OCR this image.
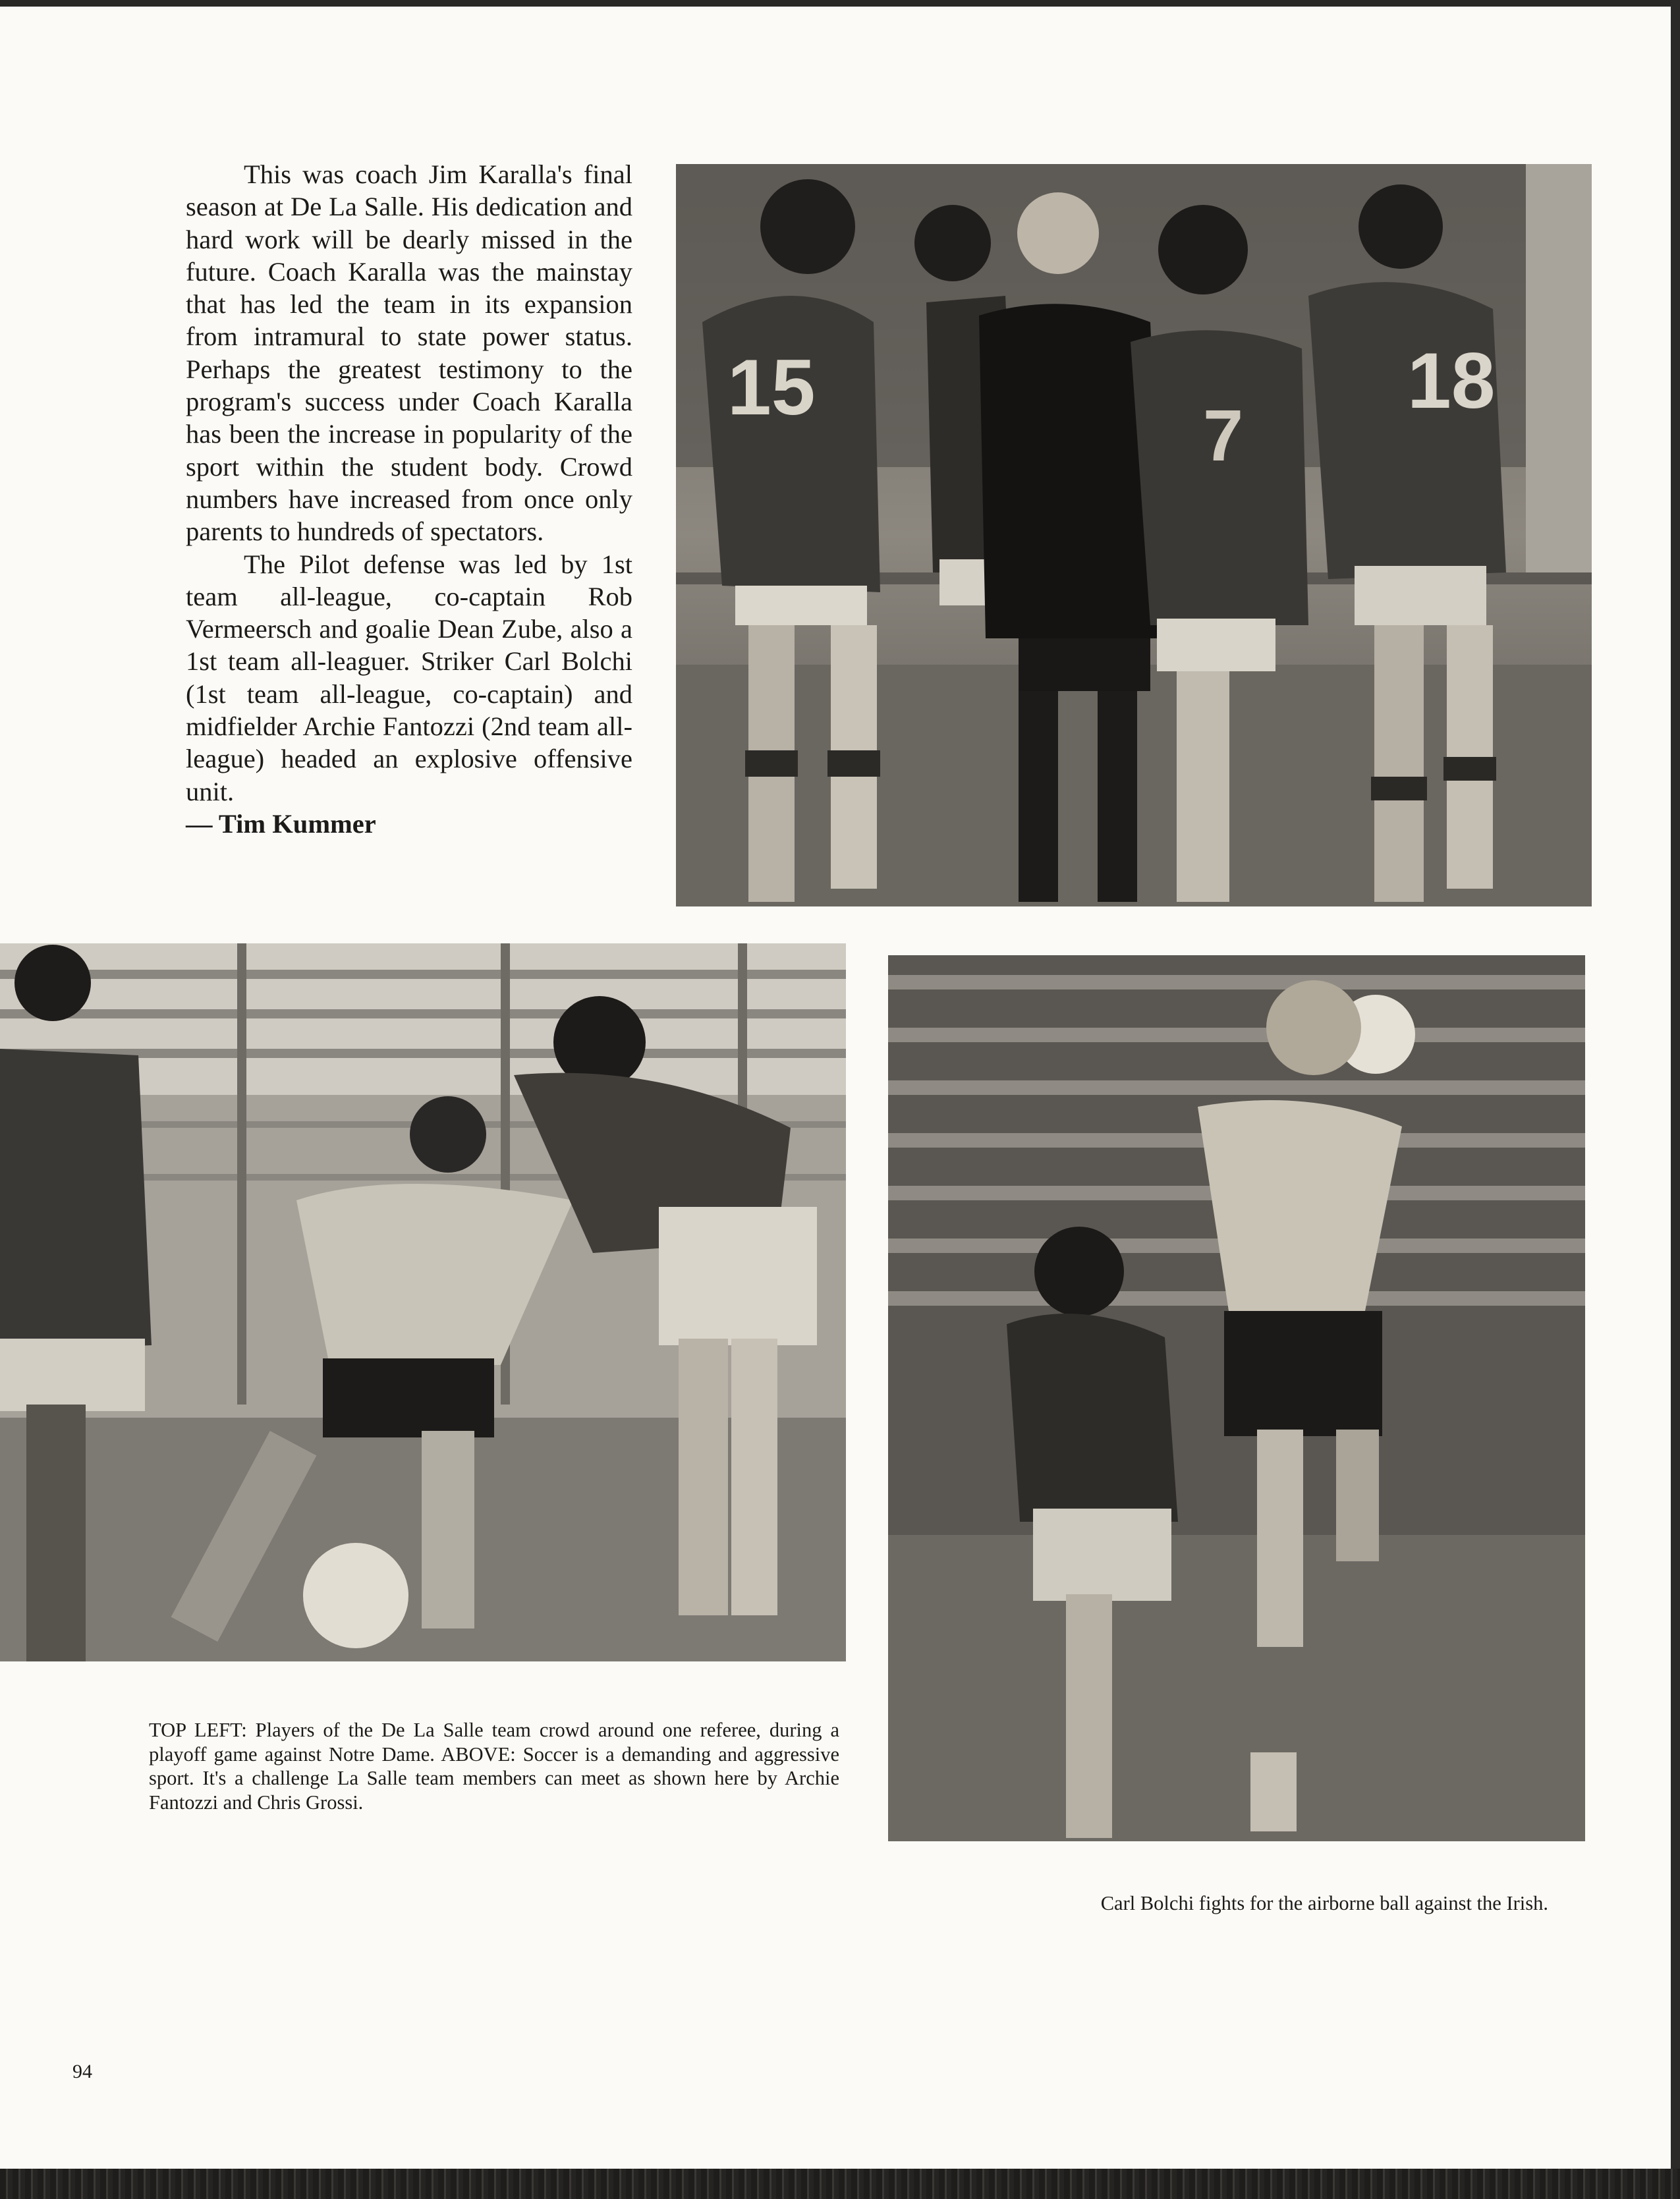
This was coach Jim Karalla's final season at De La Salle. His dedication and hard work will be dearly missed in the future. Coach Karalla was the mainstay that has led the team in its expansion from intramural to state power status. Perhaps the greatest testimony to the program's success under Coach Karalla has been the increase in popularity of the sport within the student body. Crowd numbers have increased from once only parents to hundreds of spectators.

The Pilot defense was led by 1st team all-league, co-captain Rob Vermeersch and goalie Dean Zube, also a 1st team all-leaguer. Striker Carl Bolchi (1st team all-league, co-captain) and midfielder Archie Fantozzi (2nd team all-league) headed an explosive offensive unit.
— Tim Kummer

15
7
18

TOP LEFT: Players of the De La Salle team crowd around one referee, during a playoff game against Notre Dame. ABOVE: Soccer is a demanding and aggressive sport. It's a challenge La Salle team members can meet as shown here by Archie Fantozzi and Chris Grossi.

Carl Bolchi fights for the airborne ball against the Irish.

94
